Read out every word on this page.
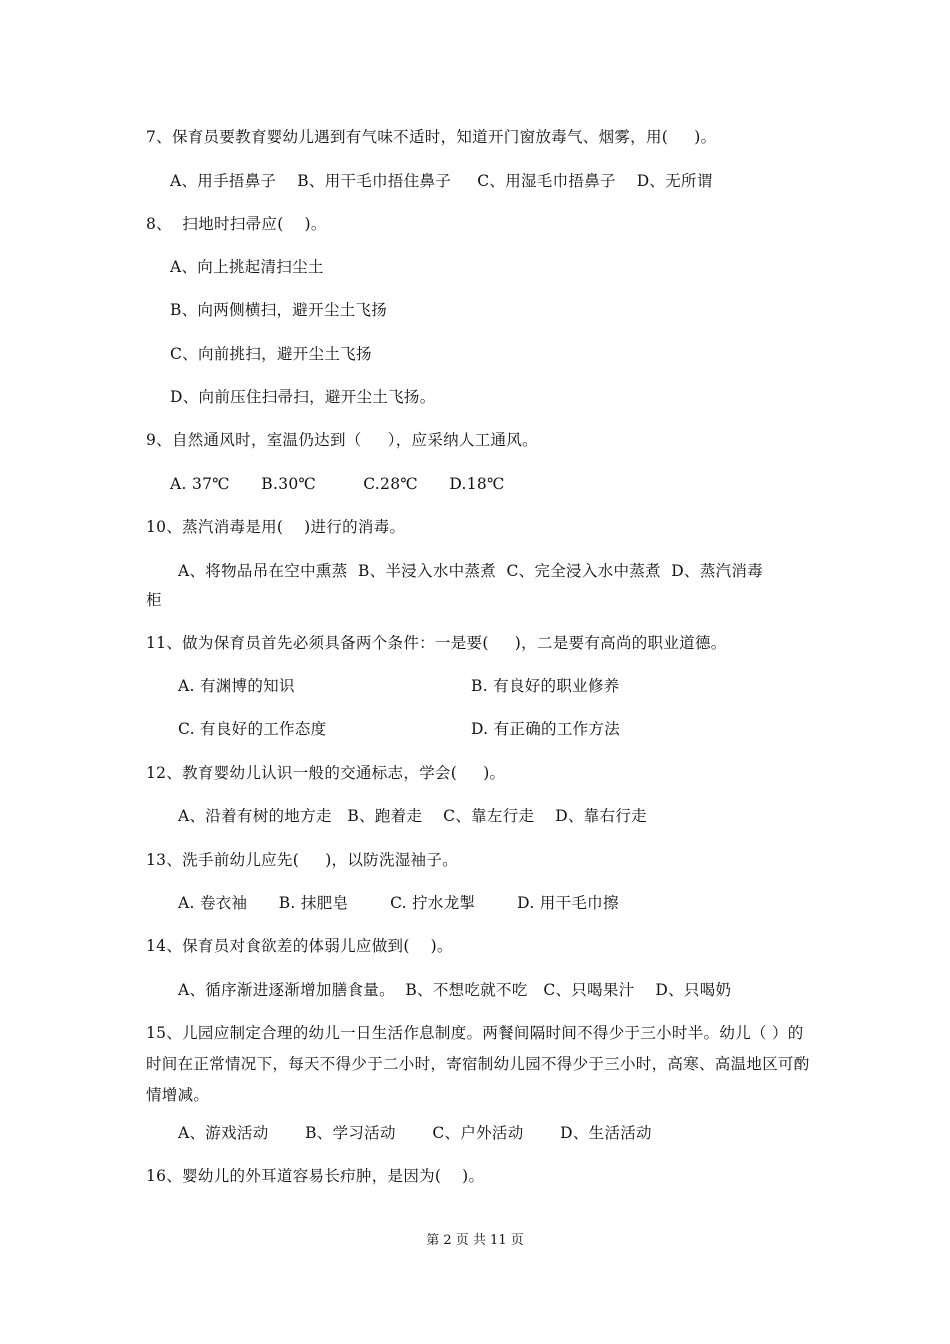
7、保育员要教育婴幼儿遇到有气味不适时，知道开门窗放毒气、烟雾，用(     )。
A、用手捂鼻子    B、用干毛巾捂住鼻子     C、用湿毛巾捂鼻子    D、无所谓
8、  扫地时扫帚应(    )。
A、向上挑起清扫尘土
B、向两侧横扫，避开尘土飞扬
C、向前挑扫，避开尘土飞扬
D、向前压住扫帚扫，避开尘土飞扬。
9、自然通风时，室温仍达到（     ），应采纳人工通风。
A. 37℃      B.30℃         C.28℃      D.18℃
10、蒸汽消毒是用(    )进行的消毒。
A、将物品吊在空中熏蒸  B、半浸入水中蒸煮  C、完全浸入水中蒸煮  D、蒸汽消毒
柜
11、做为保育员首先必须具备两个条件：一是要(     )，二是要有高尚的职业道德。
A. 有渊博的知识	B. 有良好的职业修养
C. 有良好的工作态度	D. 有正确的工作方法
12、教育婴幼儿认识一般的交通标志，学会(     )。
A、沿着有树的地方走   B、跑着走    C、靠左行走    D、靠右行走
13、洗手前幼儿应先(     )，以防洗湿袖子。
A. 卷衣袖      B. 抹肥皂        C. 拧水龙掣        D. 用干毛巾擦
14、保育员对食欲差的体弱儿应做到(    )。
A、循序渐进逐渐增加膳食量。  B、不想吃就不吃   C、只喝果汁    D、只喝奶
15、儿园应制定合理的幼儿一日生活作息制度。两餐间隔时间不得少于三小时半。幼儿（ ）的时间在正常情况下，每天不得少于二小时，寄宿制幼儿园不得少于三小时，高寒、高温地区可酌情增减。
A、游戏活动       B、学习活动       C、户外活动       D、生活活动
16、婴幼儿的外耳道容易长疖肿，是因为(    )。
第 2 页 共 11 页
